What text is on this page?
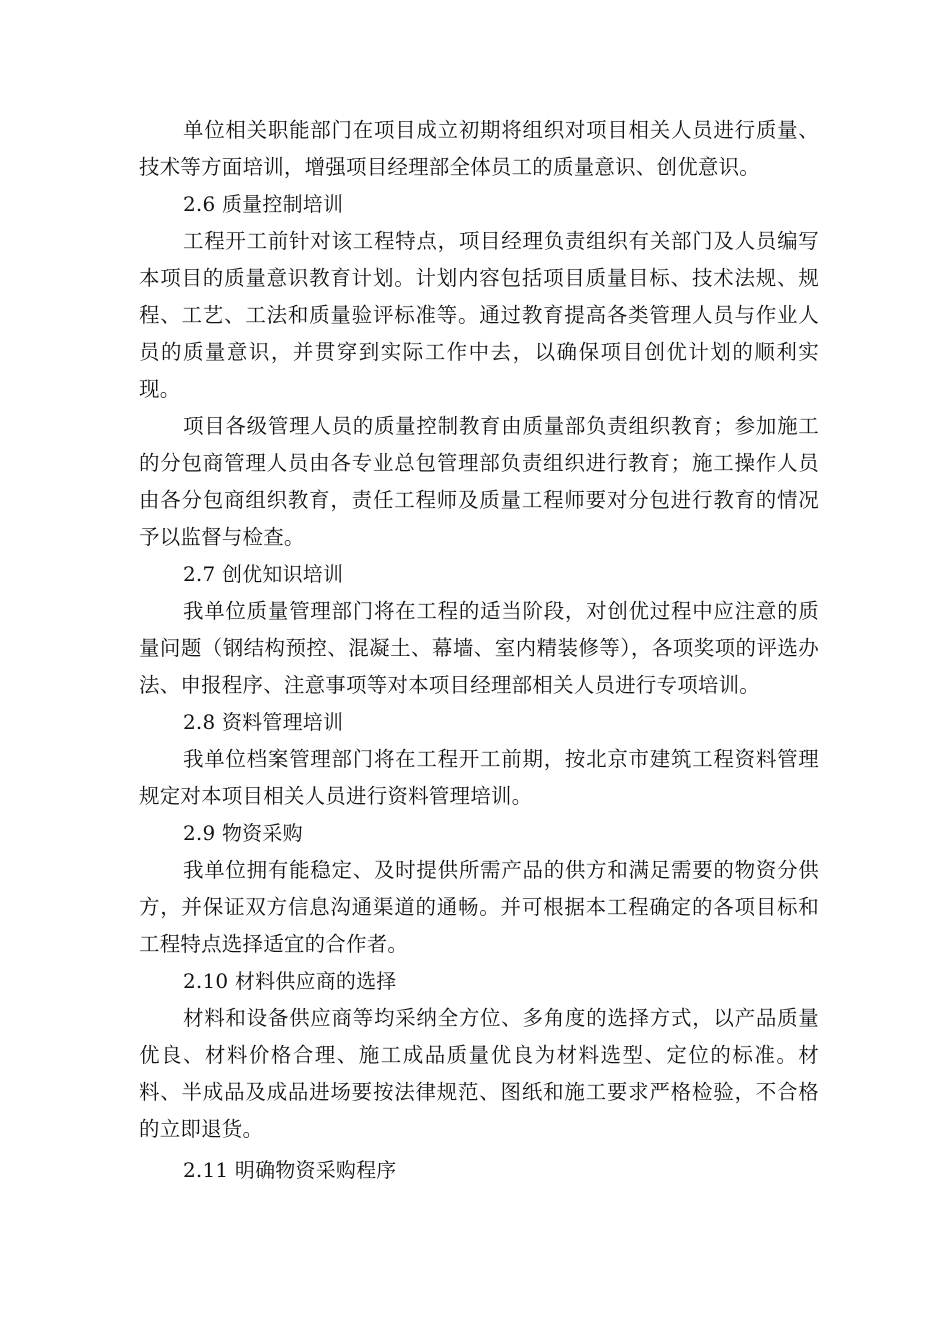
单位相关职能部门在项目成立初期将组织对项目相关人员进行质量、技术等方面培训，增强项目经理部全体员工的质量意识、创优意识。

2.6 质量控制培训

工程开工前针对该工程特点，项目经理负责组织有关部门及人员编写本项目的质量意识教育计划。计划内容包括项目质量目标、技术法规、规程、工艺、工法和质量验评标准等。通过教育提高各类管理人员与作业人员的质量意识，并贯穿到实际工作中去，以确保项目创优计划的顺利实现。

项目各级管理人员的质量控制教育由质量部负责组织教育；参加施工的分包商管理人员由各专业总包管理部负责组织进行教育；施工操作人员由各分包商组织教育，责任工程师及质量工程师要对分包进行教育的情况予以监督与检查。

2.7 创优知识培训

我单位质量管理部门将在工程的适当阶段，对创优过程中应注意的质量问题（钢结构预控、混凝土、幕墙、室内精装修等），各项奖项的评选办法、申报程序、注意事项等对本项目经理部相关人员进行专项培训。

2.8 资料管理培训

我单位档案管理部门将在工程开工前期，按北京市建筑工程资料管理规定对本项目相关人员进行资料管理培训。

2.9 物资采购

我单位拥有能稳定、及时提供所需产品的供方和满足需要的物资分供方，并保证双方信息沟通渠道的通畅。并可根据本工程确定的各项目标和工程特点选择适宜的合作者。

2.10 材料供应商的选择

材料和设备供应商等均采纳全方位、多角度的选择方式，以产品质量优良、材料价格合理、施工成品质量优良为材料选型、定位的标准。材料、半成品及成品进场要按法律规范、图纸和施工要求严格检验，不合格的立即退货。

2.11 明确物资采购程序
